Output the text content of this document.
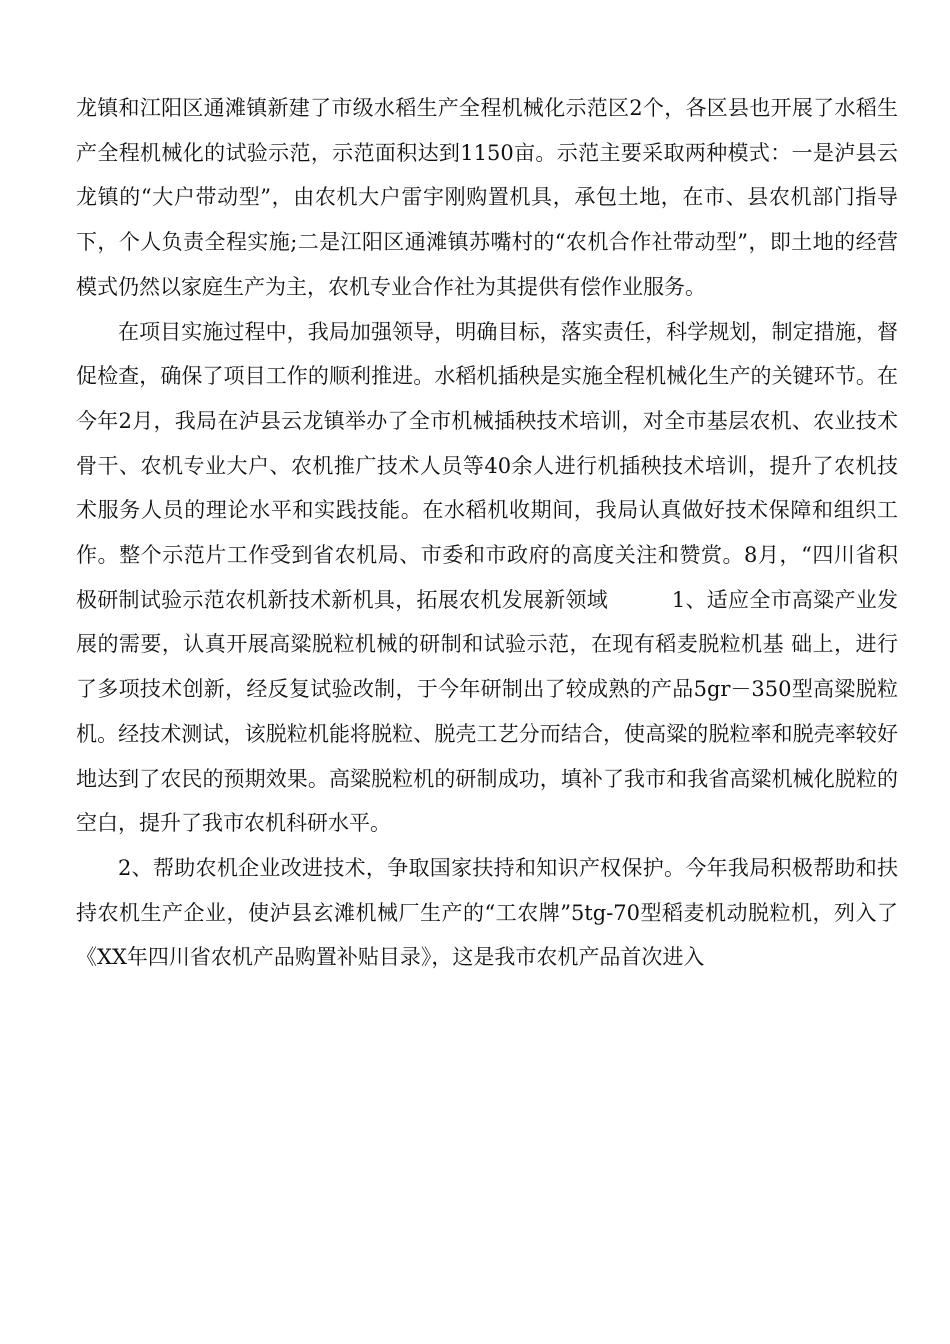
龙镇和江阳区通滩镇新建了市级水稻生产全程机械化示范区2个，各区县也开展了水稻生产全程机械化的试验示范，示范面积达到1150亩。示范主要采取两种模式：一是泸县云龙镇的“大户带动型”，由农机大户雷宇刚购置机具，承包土地，在市、县农机部门指导下，个人负责全程实施;二是江阳区通滩镇苏嘴村的“农机合作社带动型”，即土地的经营模式仍然以家庭生产为主，农机专业合作社为其提供有偿作业服务。

在项目实施过程中，我局加强领导，明确目标，落实责任，科学规划，制定措施，督促检查，确保了项目工作的顺利推进。水稻机插秧是实施全程机械化生产的关键环节。在今年2月，我局在泸县云龙镇举办了全市机械插秧技术培训，对全市基层农机、农业技术骨干、农机专业大户、农机推广技术人员等40余人进行机插秧技术培训，提升了农机技术服务人员的理论水平和实践技能。在水稻机收期间，我局认真做好技术保障和组织工作。整个示范片工作受到省农机局、市委和市政府的高度关注和赞赏。8月，“四川省积极研制试验示范农机新技术新机具，拓展农机发展新领域　　　1、适应全市高粱产业发展的需要，认真开展高粱脱粒机械的研制和试验示范，在现有稻麦脱粒机基 础上，进行了多项技术创新，经反复试验改制，于今年研制出了较成熟的产品5gr－350型高粱脱粒机。经技术测试，该脱粒机能将脱粒、脱壳工艺分而结合，使高粱的脱粒率和脱壳率较好地达到了农民的预期效果。高粱脱粒机的研制成功，填补了我市和我省高粱机械化脱粒的空白，提升了我市农机科研水平。

2、帮助农机企业改进技术，争取国家扶持和知识产权保护。今年我局积极帮助和扶持农机生产企业，使泸县玄滩机械厂生产的“工农牌”5tg-70型稻麦机动脱粒机，列入了《XX年四川省农机产品购置补贴目录》，这是我市农机产品首次进入
